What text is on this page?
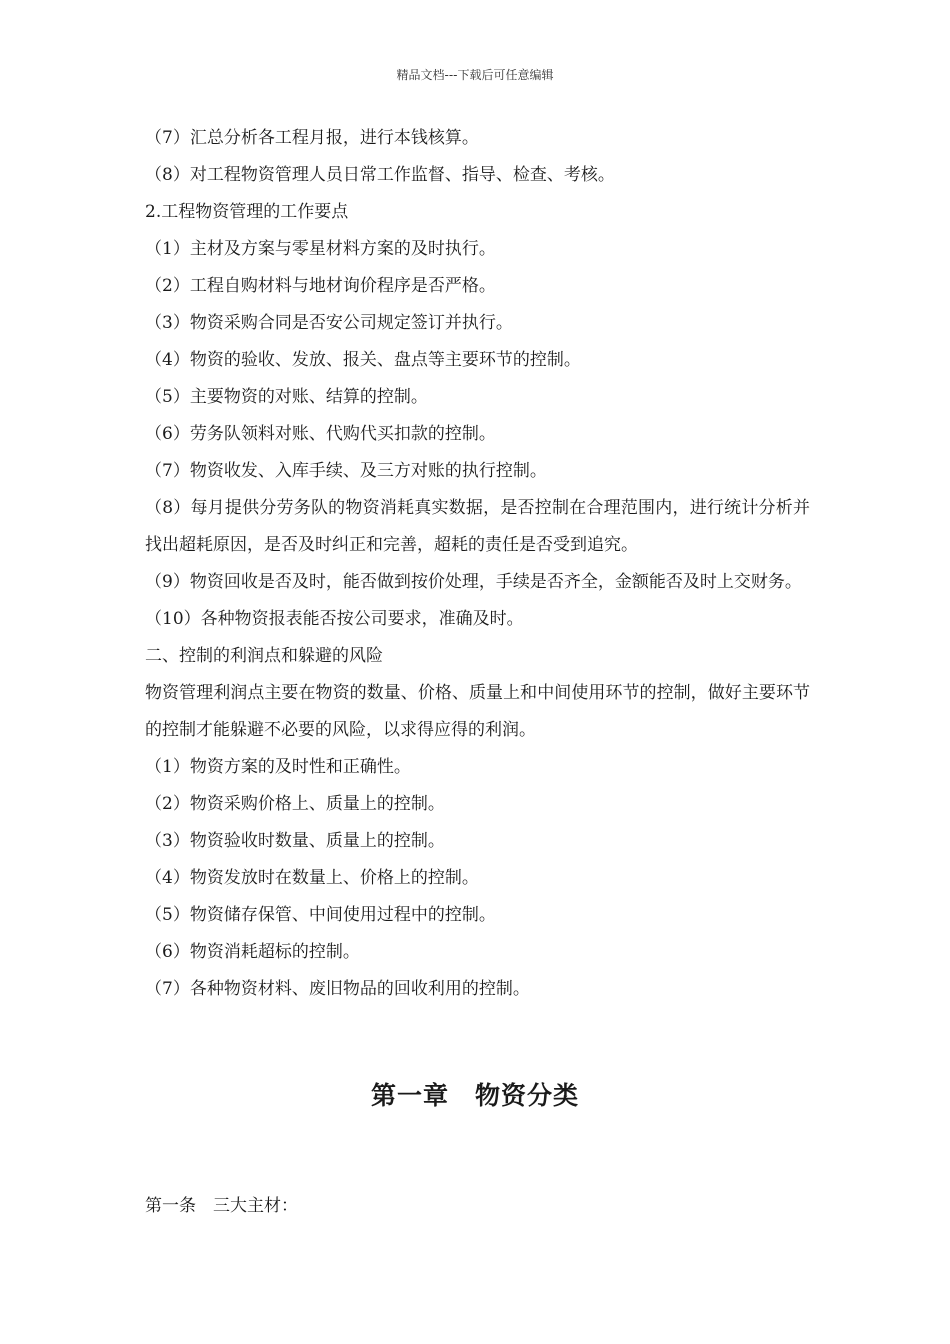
精品文档---下载后可任意编辑
（7）汇总分析各工程月报，进行本钱核算。
（8）对工程物资管理人员日常工作监督、指导、检查、考核。
2.工程物资管理的工作要点
（1）主材及方案与零星材料方案的及时执行。
（2）工程自购材料与地材询价程序是否严格。
（3）物资采购合同是否安公司规定签订并执行。
（4）物资的验收、发放、报关、盘点等主要环节的控制。
（5）主要物资的对账、结算的控制。
（6）劳务队领料对账、代购代买扣款的控制。
（7）物资收发、入库手续、及三方对账的执行控制。
（8）每月提供分劳务队的物资消耗真实数据，是否控制在合理范围内，进行统计分析并找出超耗原因，是否及时纠正和完善，超耗的责任是否受到追究。
（9）物资回收是否及时，能否做到按价处理，手续是否齐全，金额能否及时上交财务。
（10）各种物资报表能否按公司要求，准确及时。
二、控制的利润点和躲避的风险
物资管理利润点主要在物资的数量、价格、质量上和中间使用环节的控制，做好主要环节的控制才能躲避不必要的风险，以求得应得的利润。
（1）物资方案的及时性和正确性。
（2）物资采购价格上、质量上的控制。
（3）物资验收时数量、质量上的控制。
（4）物资发放时在数量上、价格上的控制。
（5）物资储存保管、中间使用过程中的控制。
（6）物资消耗超标的控制。
（7）各种物资材料、废旧物品的回收利用的控制。
第一章　物资分类
第一条　三大主材：
